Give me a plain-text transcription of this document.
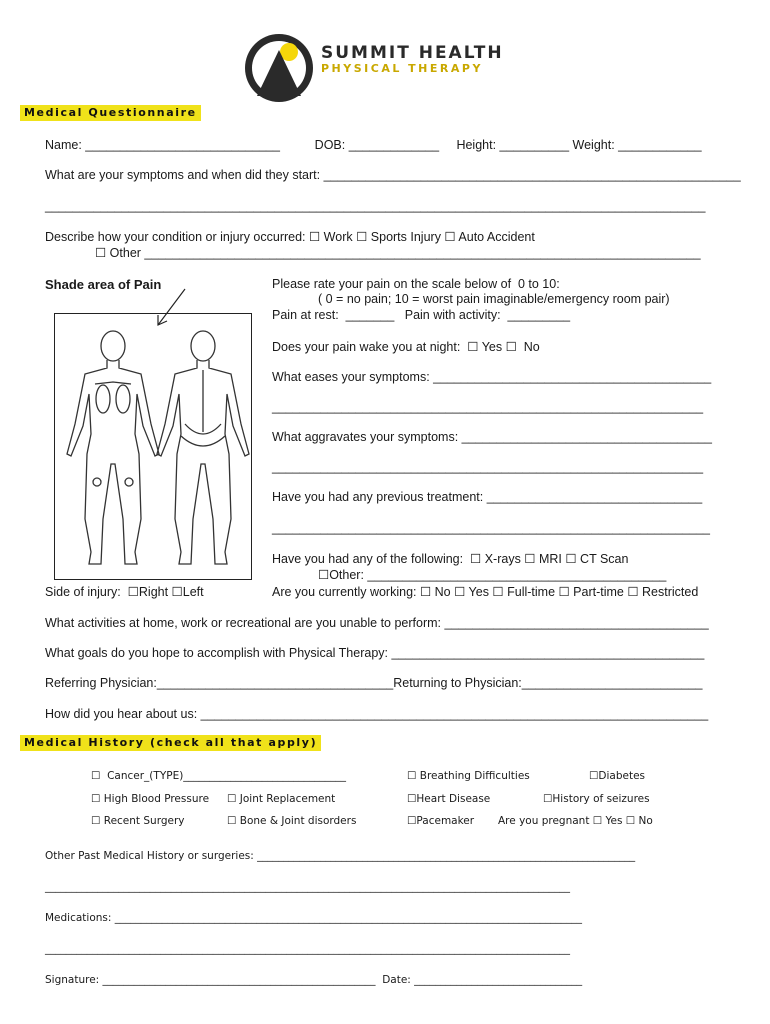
SUMMIT HEALTH
PHYSICAL THERAPY
Medical Questionnaire
Name: ____________________________          DOB: _____________     Height: __________ Weight: ____________
What are your symptoms and when did they start: ____________________________________________________________
_______________________________________________________________________________________________
Describe how your condition or injury occurred: ☐ Work ☐ Sports Injury ☐ Auto Accident
☐ Other ________________________________________________________________________________
Shade area of Pain	Please rate your pain on the scale below of  0 to 10:
( 0 = no pain; 10 = worst pain imaginable/emergency room pair)
Pain at rest:  _______   Pain with activity:  _________
Does your pain wake you at night:  ☐ Yes ☐  No
What eases your symptoms: ________________________________________
______________________________________________________________
What aggravates your symptoms: ____________________________________
______________________________________________________________
Have you had any previous treatment: _______________________________
_______________________________________________________________
Have you had any of the following:  ☐ X-rays ☐ MRI ☐ CT Scan
☐Other: ___________________________________________
Side of injury:  ☐Right ☐Left	Are you currently working: ☐ No ☐ Yes ☐ Full-time ☐ Part-time ☐ Restricted
What activities at home, work or recreational are you unable to perform: ______________________________________
What goals do you hope to accomplish with Physical Therapy: _____________________________________________
Referring Physician:__________________________________Returning to Physician:__________________________
How did you hear about us: _________________________________________________________________________
Medical History (check all that apply)
☐  Cancer_(TYPE)_______________________________	☐ Breathing Difficulties	☐Diabetes
☐ High Blood Pressure ☐ Joint Replacement	☐Heart Disease	☐History of seizures
☐ Recent Surgery	☐ Bone & Joint disorders	☐Pacemaker Are you pregnant ☐ Yes ☐ No
Other Past Medical History or surgeries: ________________________________________________________________________
____________________________________________________________________________________________________
Medications: _________________________________________________________________________________________
____________________________________________________________________________________________________
Signature: ____________________________________________________  Date: ________________________________
